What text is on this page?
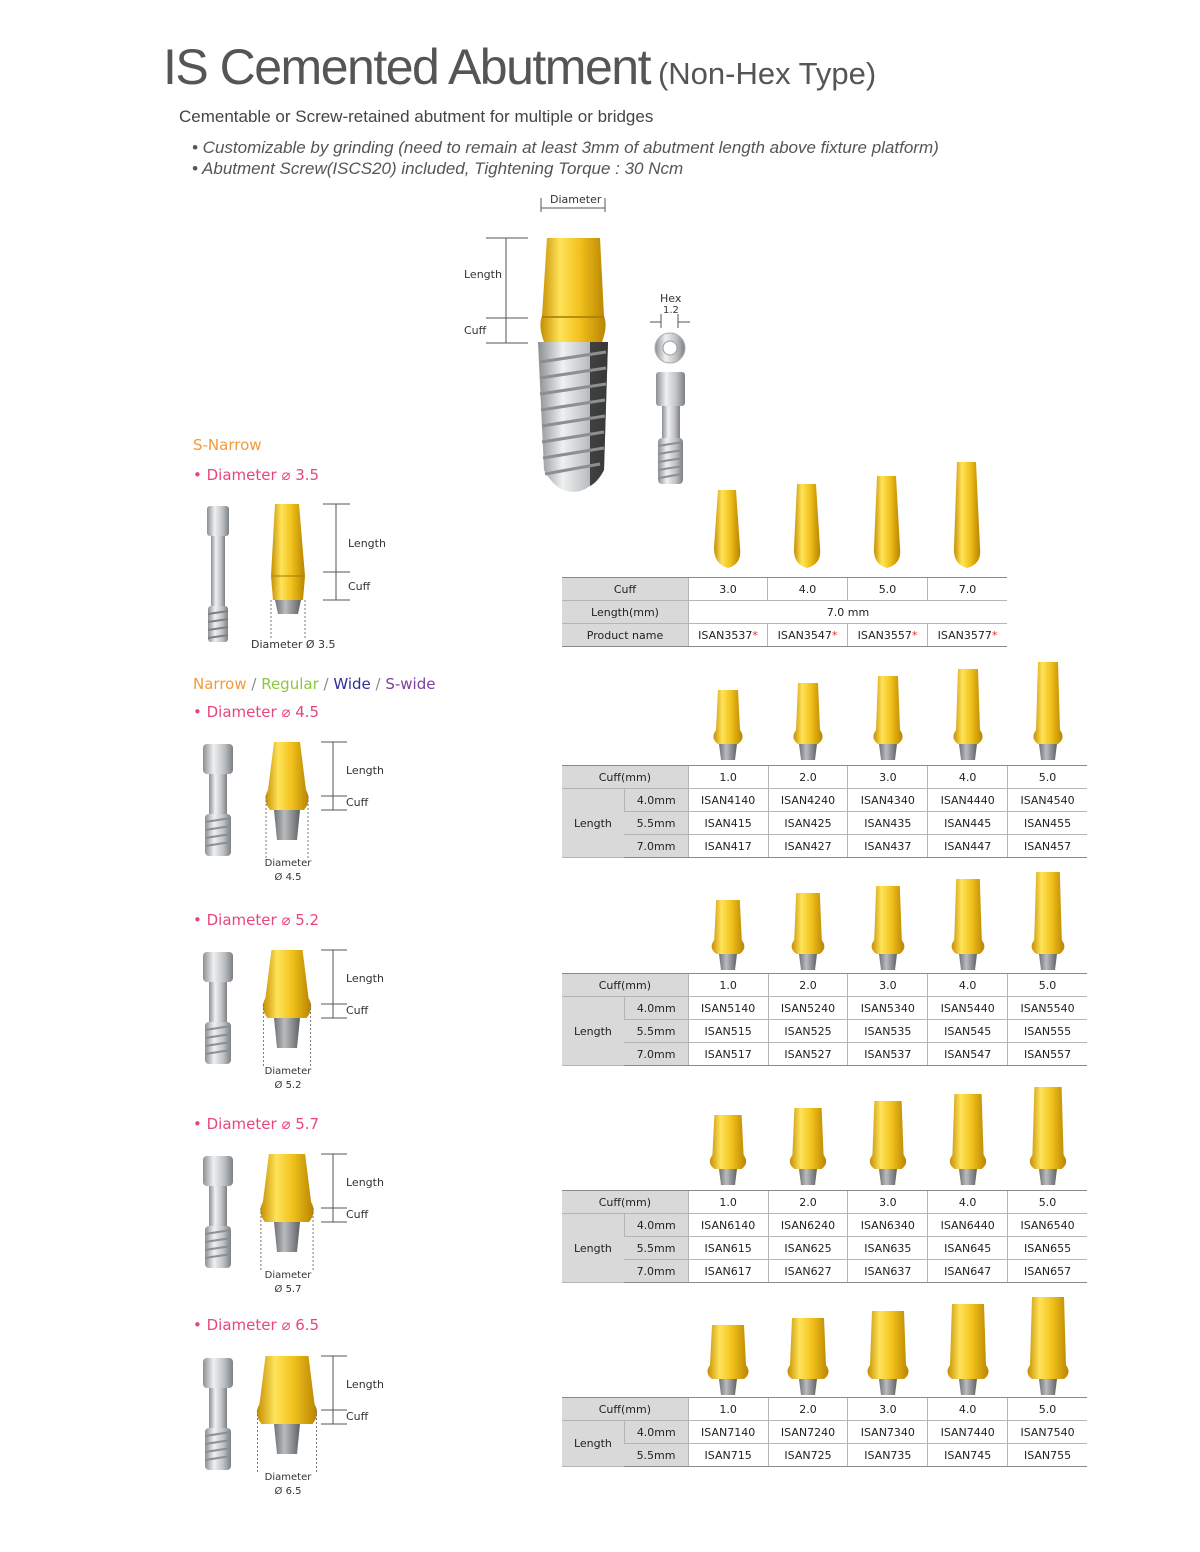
IS Cemented Abutment (Non-Hex Type)
Cementable or Screw-retained abutment for multiple or bridges
• Customizable by grinding (need to remain at least 3mm of abutment length above fixture platform)
• Abutment Screw(ISCS20) included, Tightening Torque : 30 Ncm
Diameter
Length
Cuff
Hex
1.2
S-Narrow
• Diameter ⌀ 3.5
Length
Cuff
Diameter Ø 3.5
Cuff	3.0	4.0	5.0	7.0
Length(mm)	7.0 mm			
Product name	ISAN3537*	ISAN3547*	ISAN3557*	ISAN3577*
Narrow / Regular / Wide / S-wide
• Diameter ⌀ 4.5
Length
Cuff
Diameter
Ø 4.5
Cuff(mm)		1.0	2.0	3.0	4.0	5.0
Length	4.0mm	ISAN4140	ISAN4240	ISAN4340	ISAN4440	ISAN4540
	5.5mm	ISAN415	ISAN425	ISAN435	ISAN445	ISAN455
	7.0mm	ISAN417	ISAN427	ISAN437	ISAN447	ISAN457
• Diameter ⌀ 5.2
Length
Cuff
Diameter
Ø 5.2
Cuff(mm)		1.0	2.0	3.0	4.0	5.0
Length	4.0mm	ISAN5140	ISAN5240	ISAN5340	ISAN5440	ISAN5540
	5.5mm	ISAN515	ISAN525	ISAN535	ISAN545	ISAN555
	7.0mm	ISAN517	ISAN527	ISAN537	ISAN547	ISAN557
• Diameter ⌀ 5.7
Length
Cuff
Diameter
Ø 5.7
Cuff(mm)		1.0	2.0	3.0	4.0	5.0
Length	4.0mm	ISAN6140	ISAN6240	ISAN6340	ISAN6440	ISAN6540
	5.5mm	ISAN615	ISAN625	ISAN635	ISAN645	ISAN655
	7.0mm	ISAN617	ISAN627	ISAN637	ISAN647	ISAN657
• Diameter ⌀ 6.5
Length
Cuff
Diameter
Ø 6.5
Cuff(mm)		1.0	2.0	3.0	4.0	5.0
Length	4.0mm	ISAN7140	ISAN7240	ISAN7340	ISAN7440	ISAN7540
	5.5mm	ISAN715	ISAN725	ISAN735	ISAN745	ISAN755
